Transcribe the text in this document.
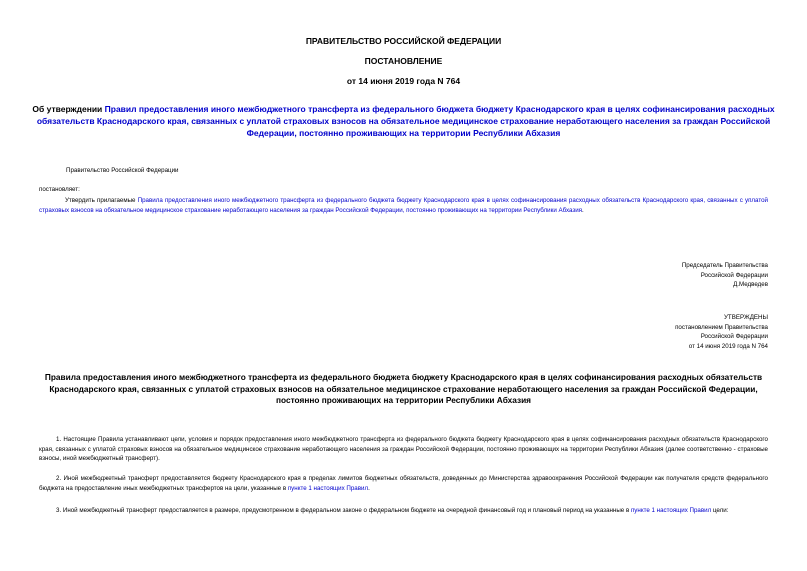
ПРАВИТЕЛЬСТВО РОССИЙСКОЙ ФЕДЕРАЦИИ
ПОСТАНОВЛЕНИЕ
от 14 июня 2019 года N 764
Об утверждении Правил предоставления иного межбюджетного трансферта из федерального бюджета бюджету Краснодарского края в целях софинансирования расходных обязательств Краснодарского края, связанных с уплатой страховых взносов на обязательное медицинское страхование неработающего населения за граждан Российской Федерации, постоянно проживающих на территории Республики Абхазия
Правительство Российской Федерации
постановляет:
Утвердить прилагаемые Правила предоставления иного межбюджетного трансферта из федерального бюджета бюджету Краснодарского края в целях софинансирования расходных обязательств Краснодарского края, связанных с уплатой страховых взносов на обязательное медицинское страхование неработающего населения за граждан Российской Федерации, постоянно проживающих на территории Республики Абхазия.
Председатель Правительства
Российской Федерации
Д.Медведев
УТВЕРЖДЕНЫ
постановлением Правительства
Российской Федерации
от 14 июня 2019 года N 764
Правила предоставления иного межбюджетного трансферта из федерального бюджета бюджету Краснодарского края в целях софинансирования расходных обязательств Краснодарского края, связанных с уплатой страховых взносов на обязательное медицинское страхование неработающего населения за граждан Российской Федерации, постоянно проживающих на территории Республики Абхазия
1. Настоящие Правила устанавливают цели, условия и порядок предоставления иного межбюджетного трансферта из федерального бюджета бюджету Краснодарского края в целях софинансирования расходных обязательств Краснодарского края, связанных с уплатой страховых взносов на обязательное медицинское страхование неработающего населения за граждан Российской Федерации, постоянно проживающих на территории Республики Абхазия (далее соответственно - страховые взносы, иной межбюджетный трансферт).
2. Иной межбюджетный трансферт предоставляется бюджету Краснодарского края в пределах лимитов бюджетных обязательств, доведенных до Министерства здравоохранения Российской Федерации как получателя средств федерального бюджета на предоставление иных межбюджетных трансфертов на цели, указанные в пункте 1 настоящих Правил.
3. Иной межбюджетный трансферт предоставляется в размере, предусмотренном в федеральном законе о федеральном бюджете на очередной финансовый год и плановый период на указанные в пункте 1 настоящих Правил цели:
